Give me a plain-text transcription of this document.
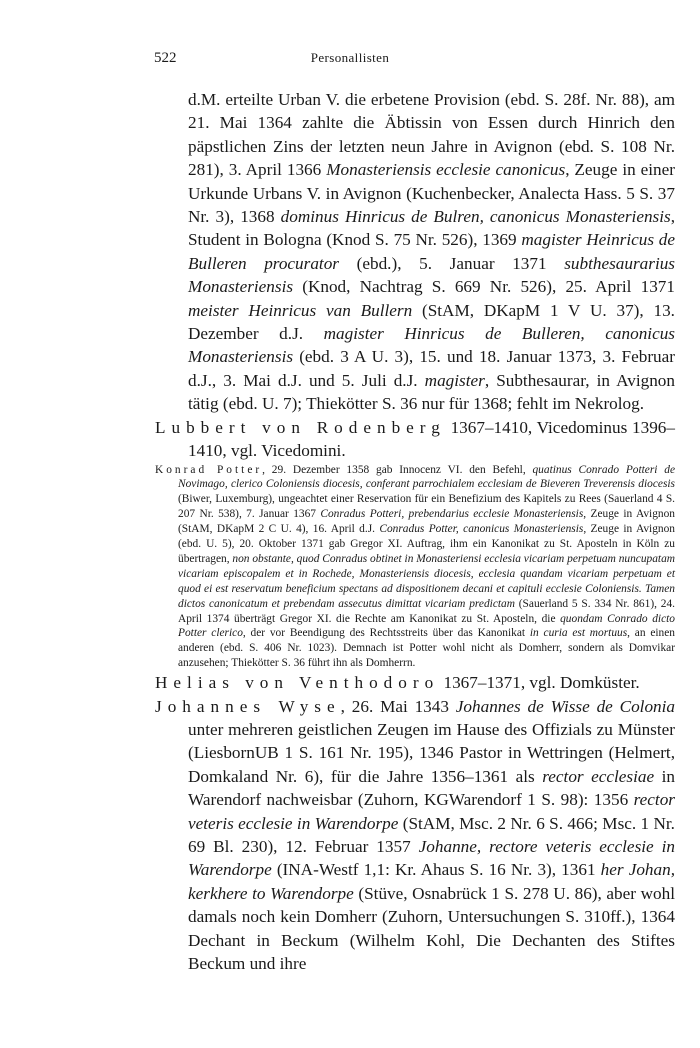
522	Personallisten

d.M. erteilte Urban V. die erbetene Provision (ebd. S. 28f. Nr. 88), am 21. Mai 1364 zahlte die Äbtissin von Essen durch Hinrich den päpstlichen Zins der letzten neun Jahre in Avignon (ebd. S. 108 Nr. 281), 3. April 1366 Monasteriensis ecclesie canonicus, Zeuge in einer Urkunde Urbans V. in Avignon (Kuchenbecker, Analecta Hass. 5 S. 37 Nr. 3), 1368 dominus Hinricus de Bulren, canonicus Monasteriensis, Student in Bologna (Knod S. 75 Nr. 526), 1369 magister Heinricus de Bulleren procurator (ebd.), 5. Januar 1371 subthesaurarius Monasteriensis (Knod, Nachtrag S. 669 Nr. 526), 25. April 1371 meister Heinricus van Bullern (StAM, DKapM 1 V U. 37), 13. Dezember d.J. magister Hinricus de Bulleren, canonicus Monasteriensis (ebd. 3 A U. 3), 15. und 18. Januar 1373, 3. Februar d.J., 3. Mai d.J. und 5. Juli d.J. magister, Subthesaurar, in Avignon tätig (ebd. U. 7); Thiekötter S. 36 nur für 1368; fehlt im Nekrolog.

Lubbert von Rodenberg 1367–1410, Vicedominus 1396–1410, vgl. Vicedomini.

Konrad Potter, 29. Dezember 1358 gab Innocenz VI. den Befehl, quatinus Conrado Potteri de Novimago, clerico Coloniensis diocesis, conferant parrochialem ecclesiam de Bieveren Treverensis diocesis (Biwer, Luxemburg), ungeachtet einer Reservation für ein Benefizium des Kapitels zu Rees (Sauerland 4 S. 207 Nr. 538), 7. Januar 1367 Conradus Potteri, prebendarius ecclesie Monasteriensis, Zeuge in Avignon (StAM, DKapM 2 C U. 4), 16. April d.J. Conradus Potter, canonicus Monasteriensis, Zeuge in Avignon (ebd. U. 5), 20. Oktober 1371 gab Gregor XI. Auftrag, ihm ein Kanonikat zu St. Aposteln in Köln zu übertragen, non obstante, quod Conradus obtinet in Monasteriensi ecclesia vicariam perpetuam nuncupatam vicariam episcopalem et in Rochede, Monasteriensis diocesis, ecclesia quandam vicariam perpetuam et quod ei est reservatum beneficium spectans ad dispositionem decani et capituli ecclesie Coloniensis. Tamen dictos canonicatum et prebendam assecutus dimittat vicariam predictam (Sauerland 5 S. 334 Nr. 861), 24. April 1374 überträgt Gregor XI. die Rechte am Kanonikat zu St. Aposteln, die quondam Conrado dicto Potter clerico, der vor Beendigung des Rechtsstreits über das Kanonikat in curia est mortuus, an einen anderen (ebd. S. 406 Nr. 1023). Demnach ist Potter wohl nicht als Domherr, sondern als Domvikar anzusehen; Thiekötter S. 36 führt ihn als Domherrn.

Helias von Venthodoro 1367–1371, vgl. Domküster.

Johannes Wyse, 26. Mai 1343 Johannes de Wisse de Colonia unter mehreren geistlichen Zeugen im Hause des Offizials zu Münster (LiesbornUB 1 S. 161 Nr. 195), 1346 Pastor in Wettringen (Helmert, Domkaland Nr. 6), für die Jahre 1356–1361 als rector ecclesiae in Warendorf nachweisbar (Zuhorn, KGWarendorf 1 S. 98): 1356 rector veteris ecclesie in Warendorpe (StAM, Msc. 2 Nr. 6 S. 466; Msc. 1 Nr. 69 Bl. 230), 12. Februar 1357 Johanne, rectore veteris ecclesie in Warendorpe (INA-Westf 1,1: Kr. Ahaus S. 16 Nr. 3), 1361 her Johan, kerkhere to Warendorpe (Stüve, Osnabrück 1 S. 278 U. 86), aber wohl damals noch kein Domherr (Zuhorn, Untersuchungen S. 310ff.), 1364 Dechant in Beckum (Wilhelm Kohl, Die Dechanten des Stiftes Beckum und ihre
